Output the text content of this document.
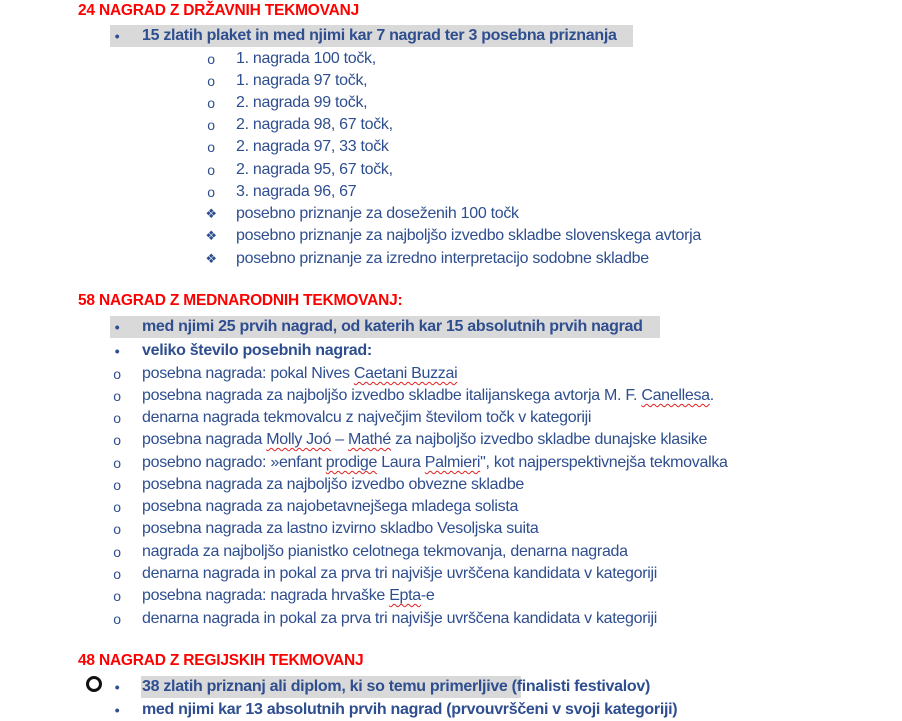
24 NAGRAD Z DRŽAVNIH TEKMOVANJ
• 15 zlatih plaket in med njimi kar 7 nagrad ter 3 posebna priznanja
o 1. nagrada 100 točk,
o 1. nagrada 97 točk,
o 2. nagrada 99 točk,
o 2. nagrada 98, 67 točk,
o 2. nagrada 97, 33 točk
o 2. nagrada 95, 67 točk,
o 3. nagrada 96, 67
❖ posebno priznanje za doseženih 100 točk
❖ posebno priznanje za najboljšo izvedbo skladbe slovenskega avtorja
❖ posebno priznanje za izredno interpretacijo sodobne skladbe
58 NAGRAD Z MEDNARODNIH TEKMOVANJ:
• med njimi 25 prvih nagrad, od katerih kar 15 absolutnih prvih nagrad
• veliko število posebnih nagrad:
o posebna nagrada: pokal Nives Caetani Buzzai
o posebna nagrada za najboljšo izvedbo skladbe italijanskega avtorja M. F. Canellesa.
o denarna nagrada tekmovalcu z največjim številom točk v kategoriji
o posebna nagrada Molly Joó – Mathé za najboljšo izvedbo skladbe dunajske klasike
o posebno nagrado: »enfant prodige Laura Palmieri", kot najperspektivnejša tekmovalka
o posebna nagrada za najboljšo izvedbo obvezne skladbe
o posebna nagrada za najobetavnejšega mladega solista
o posebna nagrada za lastno izvirno skladbo Vesoljska suita
o nagrada za najboljšo pianistko celotnega tekmovanja, denarna nagrada
o denarna nagrada in pokal za prva tri najvišje uvrščena kandidata v kategoriji
o posebna nagrada: nagrada hrvaške Epta-e
o denarna nagrada in pokal za prva tri najvišje uvrščena kandidata v kategoriji
48 NAGRAD Z REGIJSKIH TEKMOVANJ
• 38 zlatih priznanj ali diplom, ki so temu primerljive (finalisti festivalov)
• med njimi kar 13 absolutnih prvih nagrad (prvouvrščeni v svoji kategoriji)
